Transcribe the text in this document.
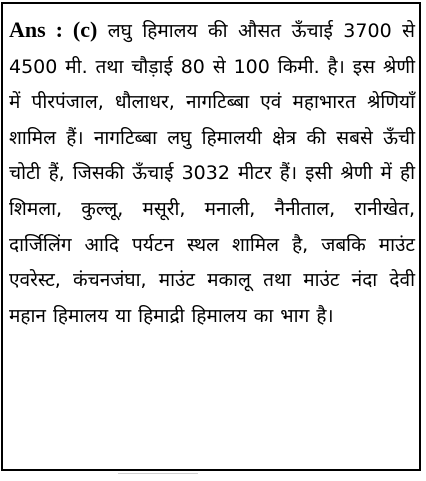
Ans : (c) लघु हिमालय की औसत ऊँचाई 3700 से 4500 मी. तथा चौड़ाई 80 से 100 किमी. है। इस श्रेणी में पीरपंजाल, धौलाधर, नागटिब्बा एवं महाभारत श्रेणियाँ शामिल हैं। नागटिब्बा लघु हिमालयी क्षेत्र की सबसे ऊँची चोटी हैं, जिसकी ऊँचाई 3032 मीटर हैं। इसी श्रेणी में ही शिमला, कुल्लू, मसूरी, मनाली, नैनीताल, रानीखेत, दार्जिलिंग आदि पर्यटन स्थल शामिल है, जबकि माउंट एवरेस्ट, कंचनजंघा, माउंट मकालू तथा माउंट नंदा देवी महान हिमालय या हिमाद्री हिमालय का भाग है।
